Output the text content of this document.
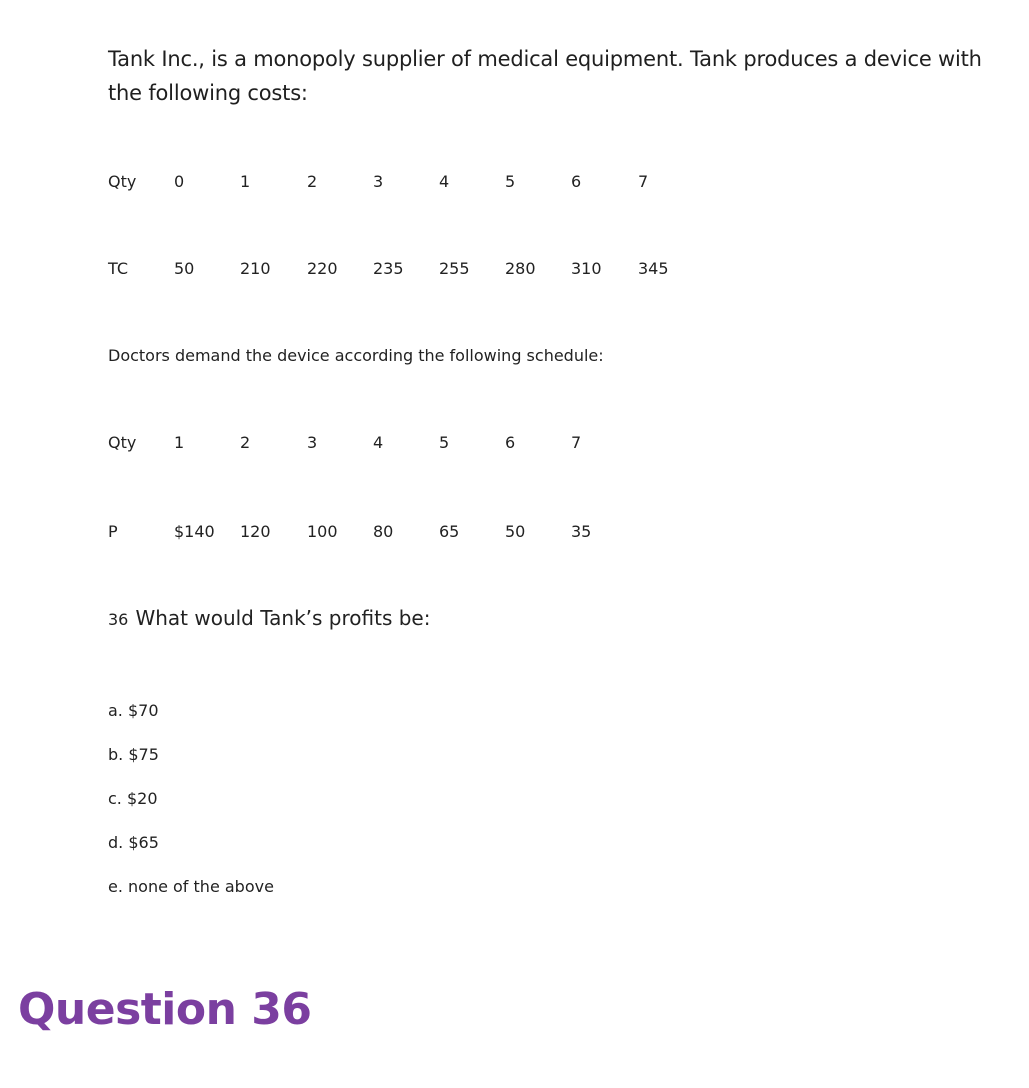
Tank Inc., is a monopoly supplier of medical equipment. Tank produces a device with the following costs:
Qty 0	1	2	3	4	5	6	7
TC	50	210 220 235 255 280 310 345
Doctors demand the device according the following schedule:
Qty 1	2	3	4	5	6	7
P	$140 120 100 80	65	50	35
36 What would Tank’s profits be:
a. $70
b. $75
c. $20
d. $65
e. none of the above
Question 36
